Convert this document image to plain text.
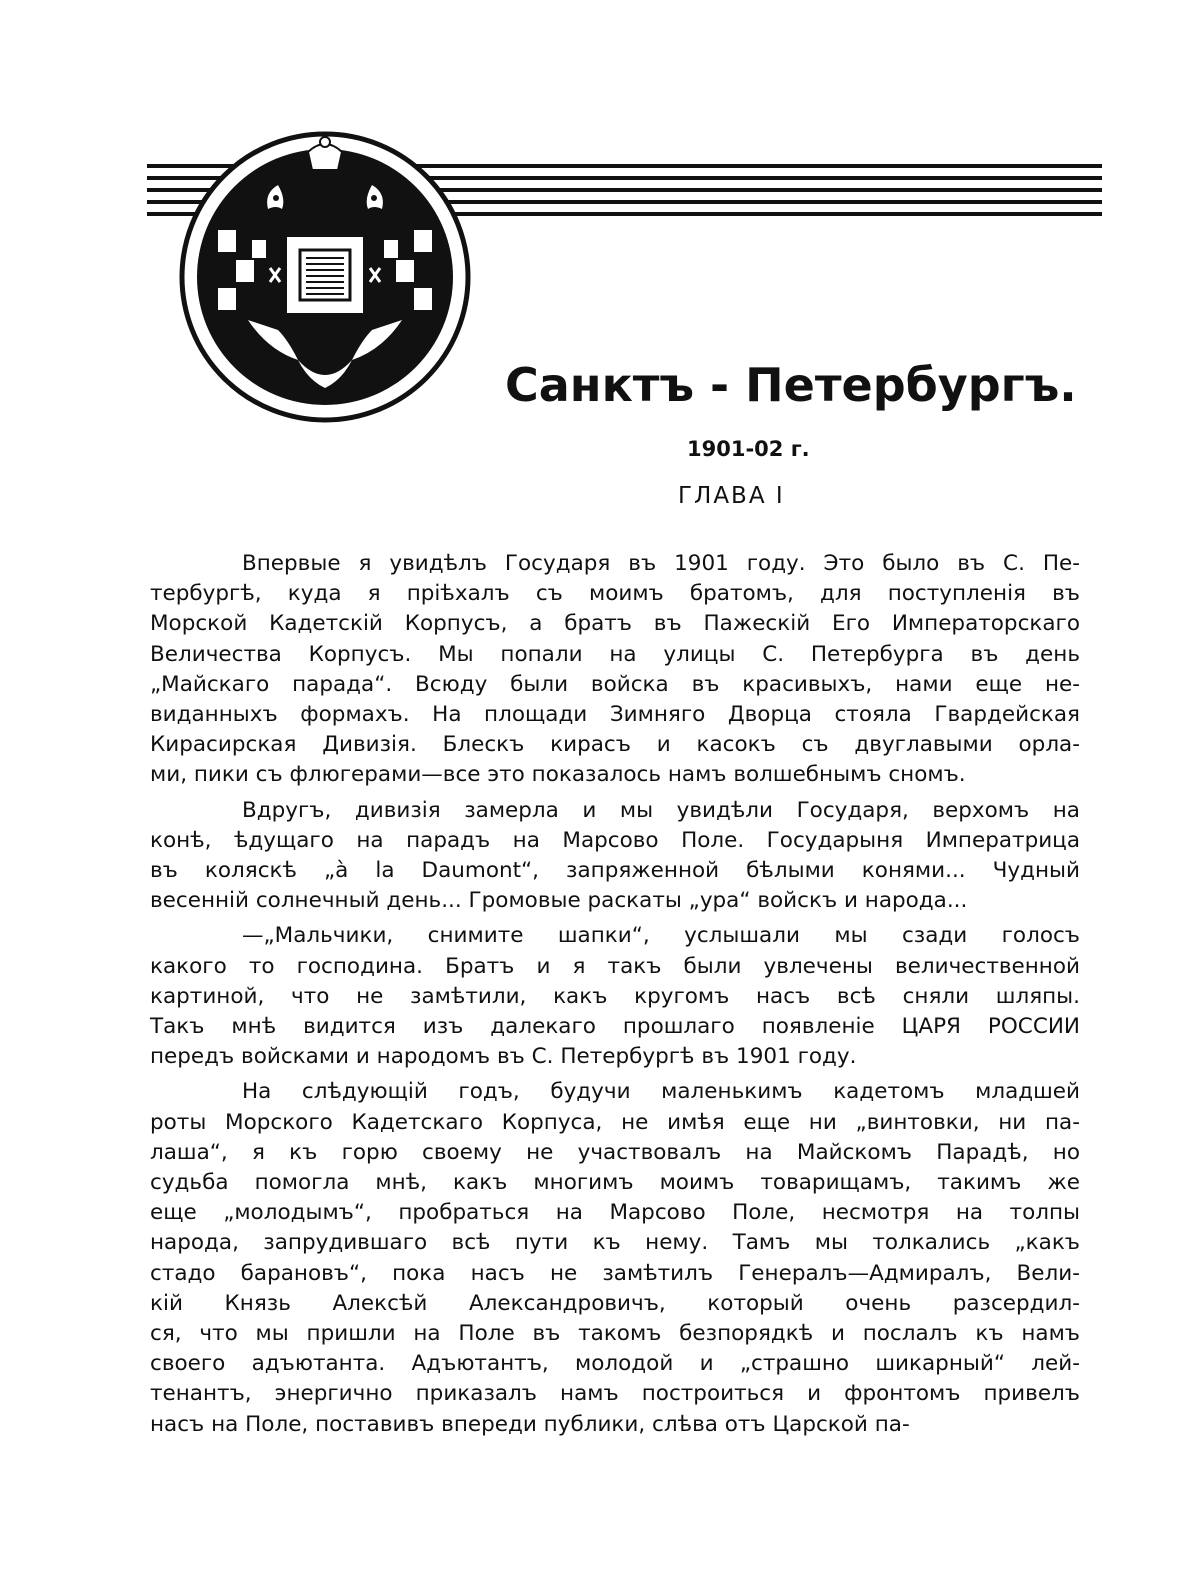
Санктъ - Петербургъ.
1901-02 г.
ГЛАВА I
Впервые я увидѣлъ Государя въ 1901 году. Это было въ С. Пе-
тербургѣ, куда я пріѣхалъ съ моимъ братомъ, для поступленія въ
Морской Кадетскій Корпусъ, а братъ въ Пажескій Его Императорскаго
Величества Корпусъ. Мы попали на улицы С. Петербурга въ день
„Майскаго парада“. Всюду были войска въ красивыхъ, нами еще не-
виданныхъ формахъ. На площади Зимняго Дворца стояла Гвардейская
Кирасирская Дивизія. Блескъ кирасъ и касокъ съ двуглавыми орла-
ми, пики съ флюгерами—все это показалось намъ волшебнымъ сномъ.
Вдругъ, дивизія замерла и мы увидѣли Государя, верхомъ на
конѣ, ѣдущаго на парадъ на Марсово Поле. Государыня Императрица
въ коляскѣ „à la Daumont“, запряженной бѣлыми конями... Чудный
весенній солнечный день... Громовые раскаты „ура“ войскъ и народа...
—„Мальчики, снимите шапки“, услышали мы сзади голосъ
какого то господина. Братъ и я такъ были увлечены величественной
картиной, что не замѣтили, какъ кругомъ насъ всѣ сняли шляпы.
Такъ мнѣ видится изъ далекаго прошлаго появленіе ЦАРЯ РОССИИ
передъ войсками и народомъ въ С. Петербургѣ въ 1901 году.
На слѣдующій годъ, будучи маленькимъ кадетомъ младшей
роты Морского Кадетскаго Корпуса, не имѣя еще ни „винтовки, ни па-
лаша“, я къ горю своему не участвовалъ на Майскомъ Парадѣ, но
судьба помогла мнѣ, какъ многимъ моимъ товарищамъ, такимъ же
еще „молодымъ“, пробраться на Марсово Поле, несмотря на толпы
народа, запрудившаго всѣ пути къ нему. Тамъ мы толкались „какъ
стадо барановъ“, пока насъ не замѣтилъ Генералъ—Адмиралъ, Вели-
кій Князь Алексѣй Александровичъ, который очень разсердил-
ся, что мы пришли на Поле въ такомъ безпорядкѣ и послалъ къ намъ
своего адъютанта. Адъютантъ, молодой и „страшно шикарный“ лей-
тенантъ, энергично приказалъ намъ построиться и фронтомъ привелъ
насъ на Поле, поставивъ впереди публики, слѣва отъ Царской па-
